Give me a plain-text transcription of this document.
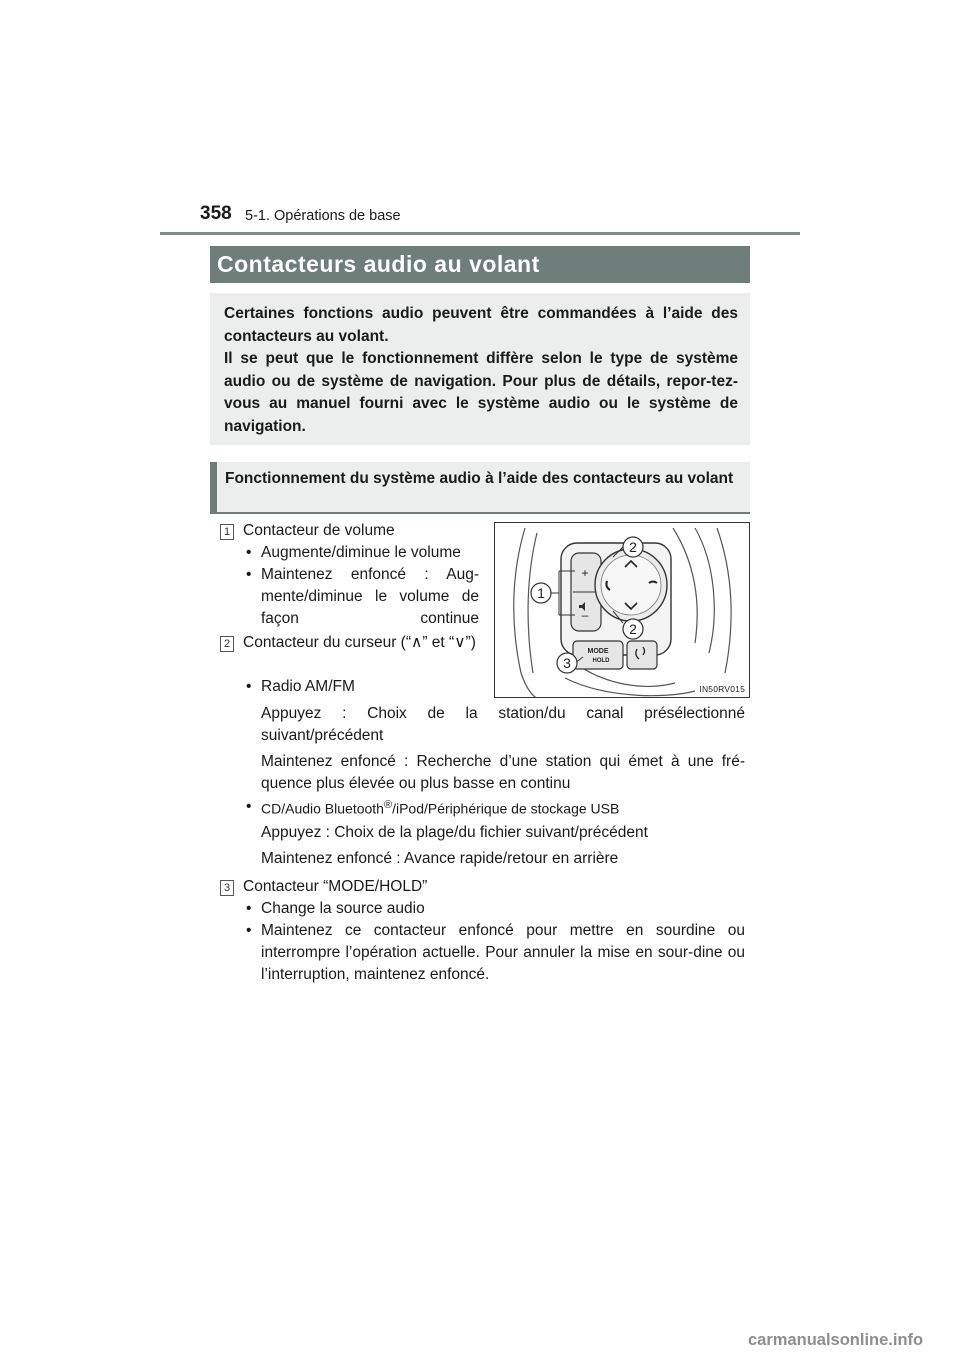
358 5-1. Opérations de base
Contacteurs audio au volant

Certaines fonctions audio peuvent être commandées à l’aide des contacteurs au volant.

Il se peut que le fonctionnement diffère selon le type de système audio ou de système de navigation. Pour plus de détails, repor-tez-vous au manuel fourni avec le système audio ou le système de navigation.

Fonctionnement du système audio à l’aide des contacteurs au volant
1 Contacteur de volume
• Augmente/diminue le volume
• Maintenez enfoncé : Aug-mente/diminue le volume de façon continue
2 Contacteur du curseur (“∧” et “∨”)
• Radio AM/FM
Appuyez : Choix de la station/du canal présélectionné suivant/précédent
Maintenez enfoncé : Recherche d’une station qui émet à une fré-quence plus élevée ou plus basse en continu
• CD/Audio Bluetooth®/iPod/Périphérique de stockage USB
Appuyez : Choix de la plage/du fichier suivant/précédent
Maintenez enfoncé : Avance rapide/retour en arrière
3 Contacteur “MODE/HOLD”
• Change la source audio
• Maintenez ce contacteur enfoncé pour mettre en sourdine ou interrompre l’opération actuelle. Pour annuler la mise en sour-dine ou l’interruption, maintenez enfoncé.
+
–
MODE
HOLD
2
1
2
3
IN50RV015
carmanualsonline.info
